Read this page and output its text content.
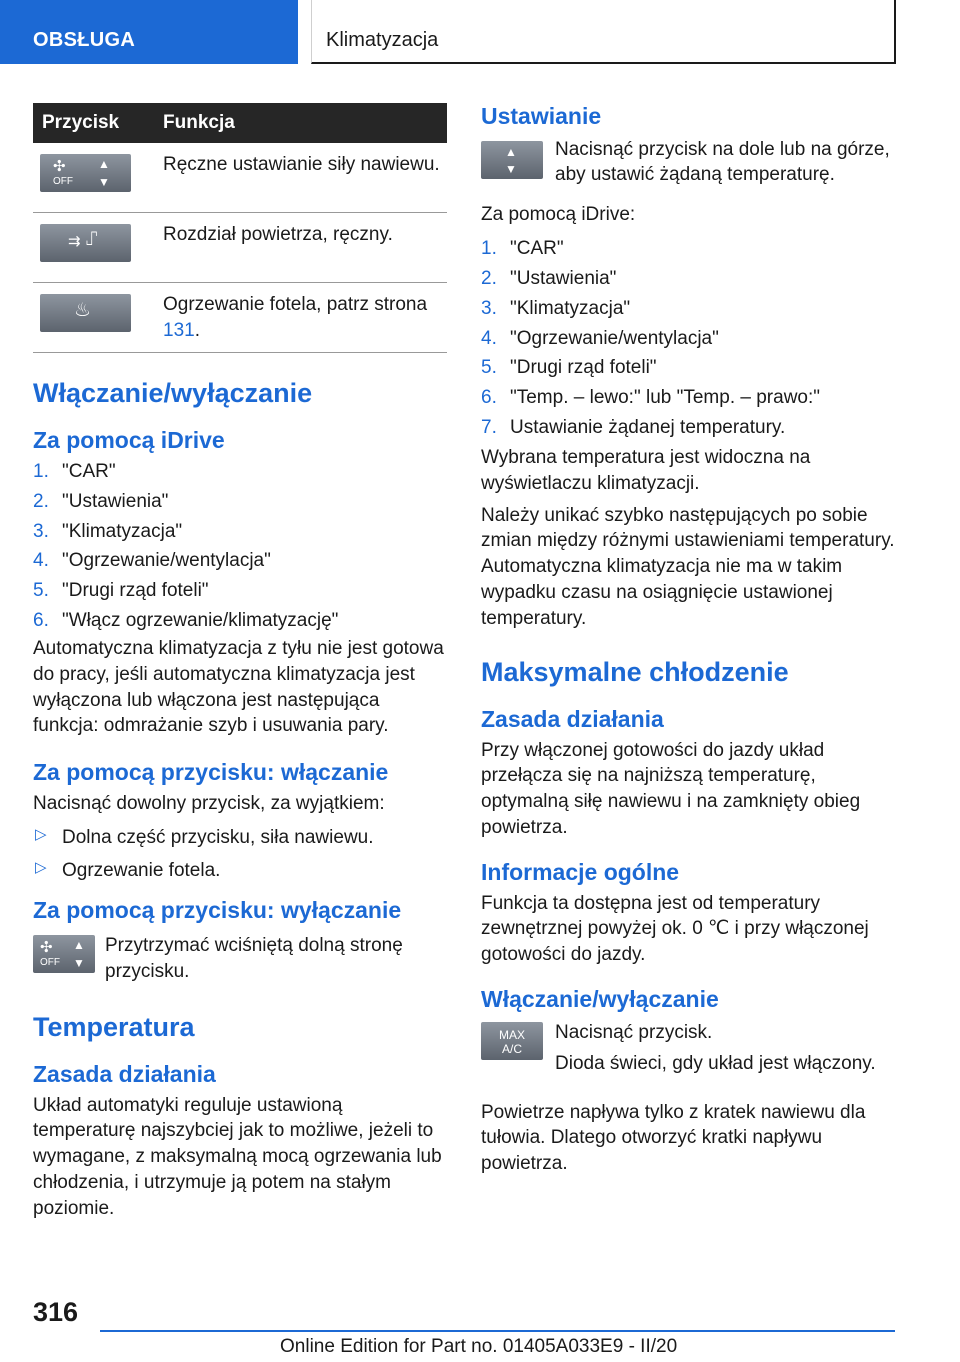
OBSŁUGA	Klimatyzacja
Przycisk	Funkcja

✣
OFF
▲
▼	Ręczne ustawianie siły nawiewu.

⇉ ⑀	Rozdział powietrza, ręczny.

♨	Ogrzewanie fotela, patrz strona 131.
Włączanie/wyłączanie
Za pomocą iDrive
1. "CAR"
2. "Ustawienia"
3. "Klimatyzacja"
4. "Ogrzewanie/wentylacja"
5. "Drugi rząd foteli"
6. "Włącz ogrzewanie/klimatyzację"

Automatyczna klimatyzacja z tyłu nie jest gotowa do pracy, jeśli automatyczna klimatyzacja jest wyłączona lub włączona jest następująca funkcja: odmrażanie szyb i usuwania pary.

Za pomocą przycisku: włączanie

Nacisnąć dowolny przycisk, za wyjątkiem:

▷ Dolna część przycisku, siła nawiewu.
▷ Ogrzewanie fotela.
Za pomocą przycisku: wyłączanie
✣
OFF
▲
▼

Przytrzymać wciśniętą dolną stronę przycisku.

Temperatura
Zasada działania

Układ automatyki reguluje ustawioną temperaturę najszybciej jak to możliwe, jeżeli to wymagane, z maksymalną mocą ogrzewania lub chłodzenia, i utrzymuje ją potem na stałym poziomie.

Ustawianie
▲
▼

Nacisnąć przycisk na dole lub na górze, aby ustawić żądaną temperaturę.

Za pomocą iDrive:

1. "CAR"
2. "Ustawienia"
3. "Klimatyzacja"
4. "Ogrzewanie/wentylacja"
5. "Drugi rząd foteli"
6. "Temp. – lewo:" lub "Temp. – prawo:"
7. Ustawianie żądanej temperatury.

Wybrana temperatura jest widoczna na wyświetlaczu klimatyzacji.

Należy unikać szybko następujących po sobie zmian między różnymi ustawieniami temperatury. Automatyczna klimatyzacja nie ma w takim wypadku czasu na osiągnięcie ustawionej temperatury.

Maksymalne chłodzenie
Zasada działania

Przy włączonej gotowości do jazdy układ przełącza się na najniższą temperaturę, optymalną siłę nawiewu i na zamknięty obieg powietrza.

Informacje ogólne

Funkcja ta dostępna jest od temperatury zewnętrznej powyżej ok. 0 ℃ i przy włączonej gotowości do jazdy.

Włączanie/wyłączanie
MAX
A/C

Nacisnąć przycisk.

Dioda świeci, gdy układ jest włączony.

Powietrze napływa tylko z kratek nawiewu dla tułowia. Dlatego otworzyć kratki napływu powietrza.

316
Online Edition for Part no. 01405A033E9 - II/20
